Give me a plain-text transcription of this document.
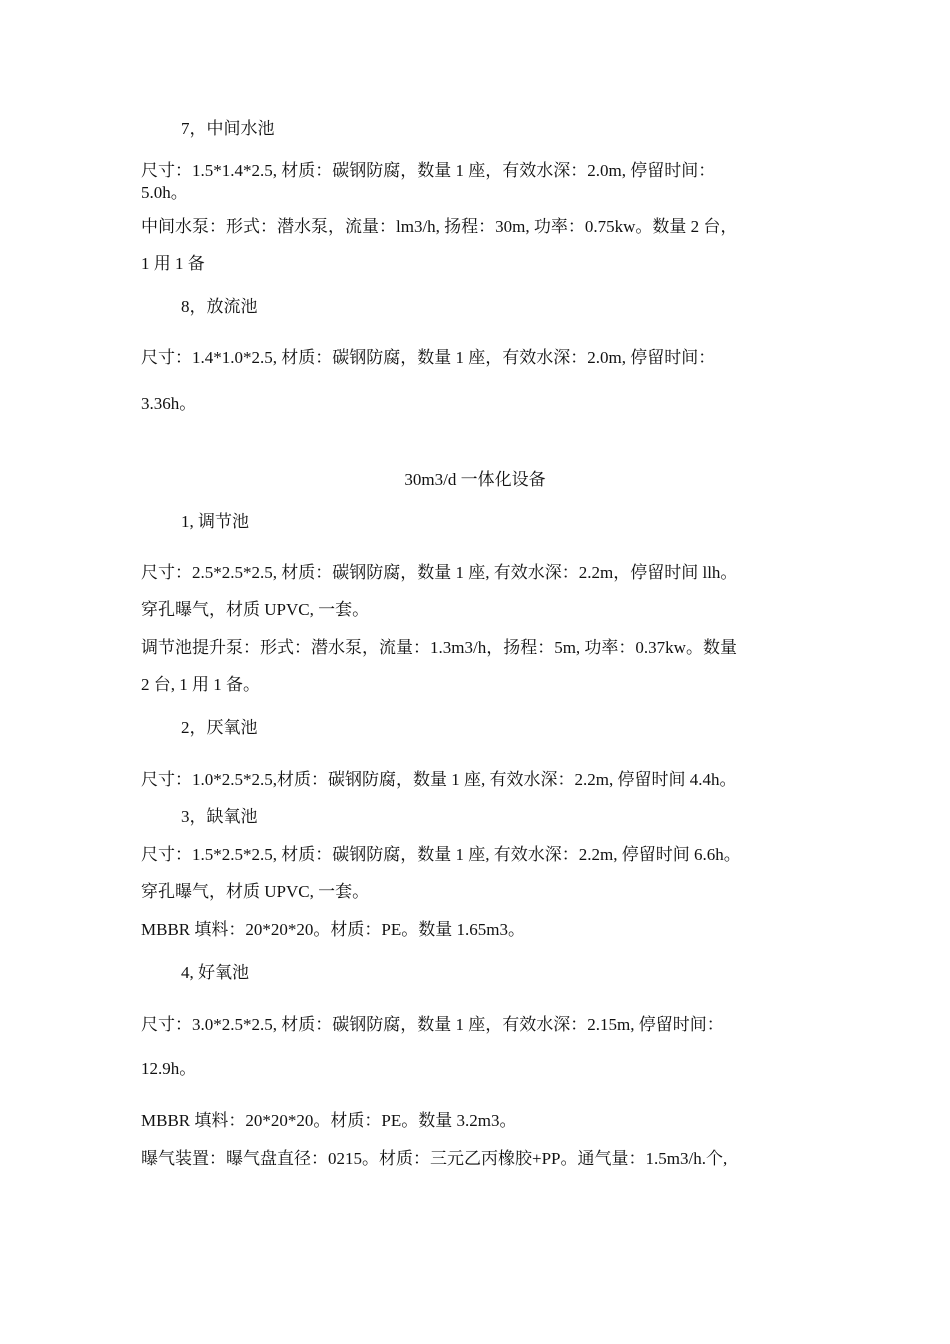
7，中间水池

尺寸：1.5*1.4*2.5, 材质：碳钢防腐，数量 1 座，有效水深：2.0m, 停留时间：

5.0h。

中间水泵：形式：潜水泵，流量：lm3/h, 扬程：30m, 功率：0.75kw。数量 2 台，

1 用 1 备

8，放流池

尺寸：1.4*1.0*2.5, 材质：碳钢防腐，数量 1 座，有效水深：2.0m, 停留时间：

3.36h。

30m3/d 一体化设备

1, 调节池

尺寸：2.5*2.5*2.5, 材质：碳钢防腐，数量 1 座, 有效水深：2.2m，停留时间 llh。

穿孔曝气，材质 UPVC, 一套。

调节池提升泵：形式：潜水泵，流量：1.3m3/h，扬程：5m, 功率：0.37kw。数量

2 台, 1 用 1 备。

2，厌氧池

尺寸：1.0*2.5*2.5,材质：碳钢防腐，数量 1 座, 有效水深：2.2m, 停留时间 4.4h。

3，缺氧池

尺寸：1.5*2.5*2.5, 材质：碳钢防腐，数量 1 座, 有效水深：2.2m, 停留时间 6.6h。

穿孔曝气，材质 UPVC, 一套。

MBBR 填料：20*20*20。材质：PE。数量 1.65m3。

4, 好氧池

尺寸：3.0*2.5*2.5, 材质：碳钢防腐，数量 1 座，有效水深：2.15m, 停留时间：

12.9h。

MBBR 填料：20*20*20。材质：PE。数量 3.2m3。

曝气装置：曝气盘直径：0215。材质：三元乙丙橡胶+PP。通气量：1.5m3/h.个,
